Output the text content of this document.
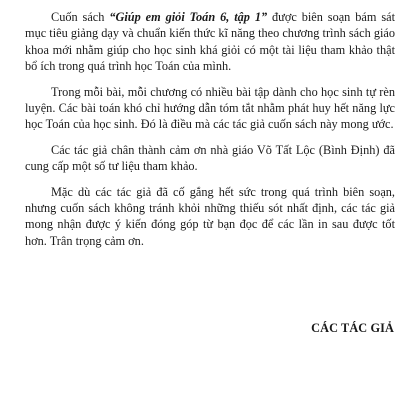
Cuốn sách “Giúp em giỏi Toán 6, tập 1” được biên soạn bám sát mục tiêu giảng dạy và chuẩn kiến thức kĩ năng theo chương trình sách giáo khoa mới nhằm giúp cho học sinh khá giỏi có một tài liệu tham khảo thật bổ ích trong quá trình học Toán của mình.

Trong mỗi bài, mỗi chương có nhiều bài tập dành cho học sinh tự rèn luyện. Các bài toán khó chỉ hướng dẫn tóm tắt nhằm phát huy hết năng lực học Toán của học sinh. Đó là điều mà các tác giả cuốn sách này mong ước.

Các tác giả chân thành cảm ơn nhà giáo Võ Tất Lộc (Bình Định) đã cung cấp một số tư liệu tham khảo.

Mặc dù các tác giả đã cố gắng hết sức trong quá trình biên soạn, nhưng cuốn sách không tránh khỏi những thiếu sót nhất định, các tác giả mong nhận được ý kiến đóng góp từ bạn đọc để các lần in sau được tốt hơn. Trân trọng cảm ơn.

CÁC TÁC GIẢ
